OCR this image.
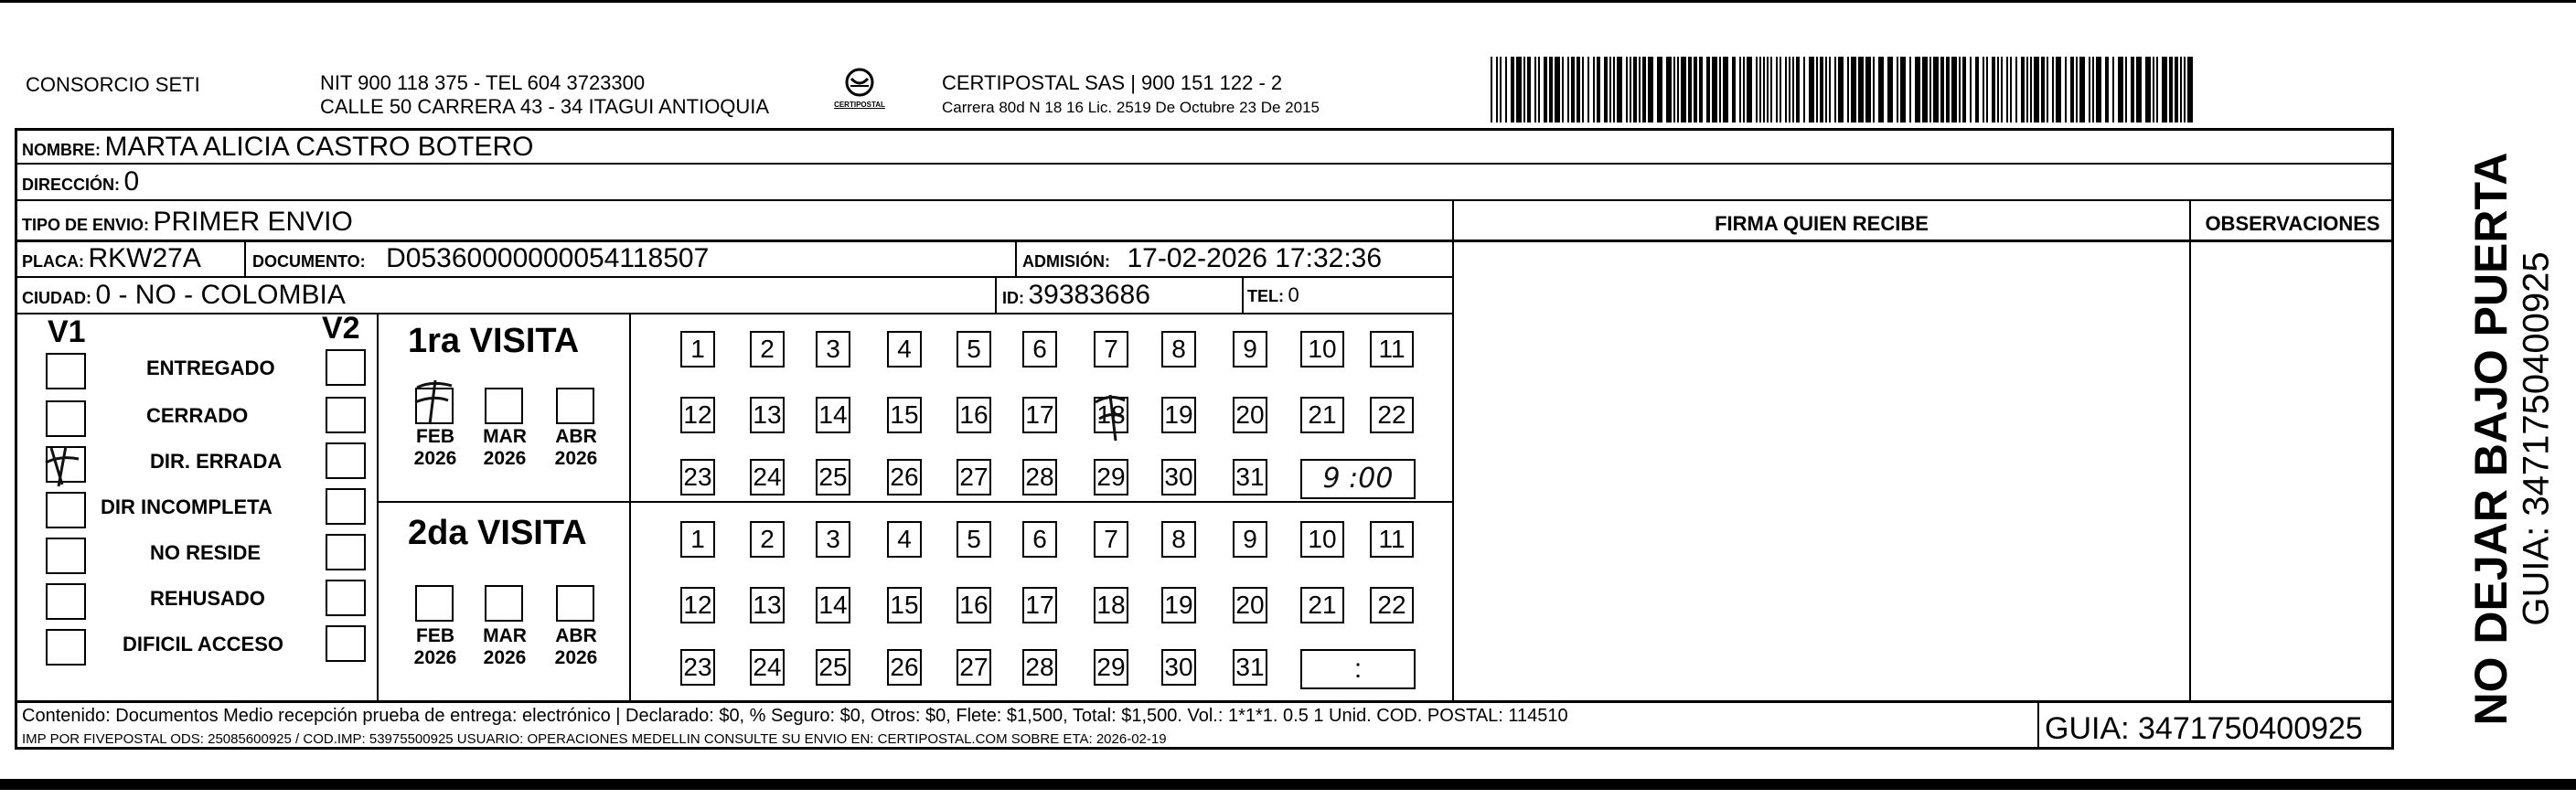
CONSORCIO SETI	NIT 900 118 375 - TEL 604 3723300
CALLE 50 CARRERA 43 - 34 ITAGUI ANTIOQUIA	CERTIPOSTAL
CERTIPOSTAL SAS | 900 151 122 - 2
Carrera 80d N 18 16 Lic. 2519 De Octubre 23 De 2015
NOMBRE: MARTA ALICIA CASTRO BOTERO
DIRECCIÓN: 0
TIPO DE ENVIO: PRIMER ENVIO	FIRMA QUIEN RECIBE	OBSERVACIONES
PLACA: RKW27A	DOCUMENTO: D05360000000054118507	ADMISIÓN: 17-02-2026 17:32:36
CIUDAD: 0 - NO - COLOMBIA	ID: 39383686	TEL: 0
V1	V2 1ra VISITA
2da VISITA
Contenido: Documentos Medio recepción prueba de entrega: electrónico | Declarado: $0, % Seguro: $0, Otros: $0, Flete: $1,500, Total: $1,500. Vol.: 1*1*1. 0.5 1 Unid. COD. POSTAL: 114510
IMP POR FIVEPOSTAL ODS: 25085600925 / COD.IMP: 53975500925 USUARIO: OPERACIONES MEDELLIN CONSULTE SU ENVIO EN: CERTIPOSTAL.COM SOBRE ETA: 2026-02-19	GUIA: 3471750400925
NO DEJAR BAJO PUERTA GUIA: 3471750400925
ENTREGADO
CERRADO
DIR. ERRADA
DIR INCOMPLETA
NO RESIDE
REHUSADO
DIFICIL ACCESO
1	2	3	4	5	6	7	8	9	10	11
12 13 14 15 16 17 18 19 20	21	22
23 24 25 26 27 28 29 30 31	9 :00
FEB
2026
MAR
2026
ABR
2026
1	2	3	4	5	6	7	8	9	10	11
12 13 14 15 16 17 18 19 20	21	22
23 24 25 26 27 28 29 30 31	:
FEB
2026
MAR
2026
ABR
2026
